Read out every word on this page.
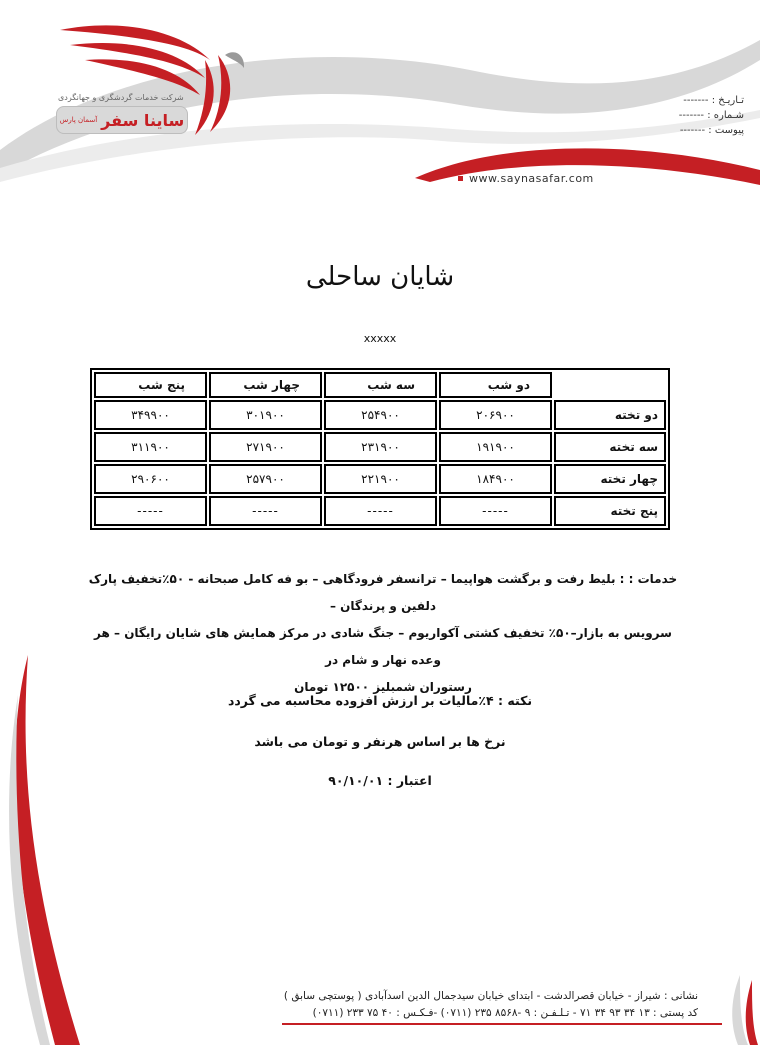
شرکت خدمات گردشگری و جهانگردی
ساینا سفر
آسمان پارس
تـاریـخ : -------
شـماره : -------
پیوست : -------
www.saynasafar.com
شایان ساحلی
xxxxx
	دو شب	سه شب	چهار شب	پنج شب
دو تخته	۲۰۶۹۰۰	۲۵۴۹۰۰	۳۰۱۹۰۰	۳۴۹۹۰۰
سه تخته	۱۹۱۹۰۰	۲۳۱۹۰۰	۲۷۱۹۰۰	۳۱۱۹۰۰
چهار تخته	۱۸۴۹۰۰	۲۲۱۹۰۰	۲۵۷۹۰۰	۲۹۰۶۰۰
پنج تخته	-----	-----	-----	-----
خدمات : : بلیط رفت و برگشت هواپیما – ترانسفر فرودگاهی – بو فه کامل صبحانه - ۵۰٪تخفیف پارک دلفین و پرندگان –
سرویس به بازار–۵۰٪ تخفیف کشتی آکواریوم – جنگ شادی در مرکز همایش های شایان رایگان – هر وعده نهار و شام در
رستوران شمبلیز ۱۲۵۰۰ تومان
نکته : ۴٪مالیات بر ارزش افزوده محاسبه می گردد
نرخ ها بر اساس هرنفر و تومان می باشد
اعتبار : ۹۰/۱۰/۰۱
نشانی : شیراز - خیابان قصرالدشت - ابتدای خیابان سیدجمال الدین اسدآبادی ( پوستچی سابق )
کد پستی : ۱۳ ۳۴ ۹۳ ۳۴ ۷۱ - تـلـفـن : ۹ -۸۵۶۸ ۲۳۵ (۰۷۱۱) -فـکـس : ۴۰ ۷۵ ۲۳۳ (۰۷۱۱)
